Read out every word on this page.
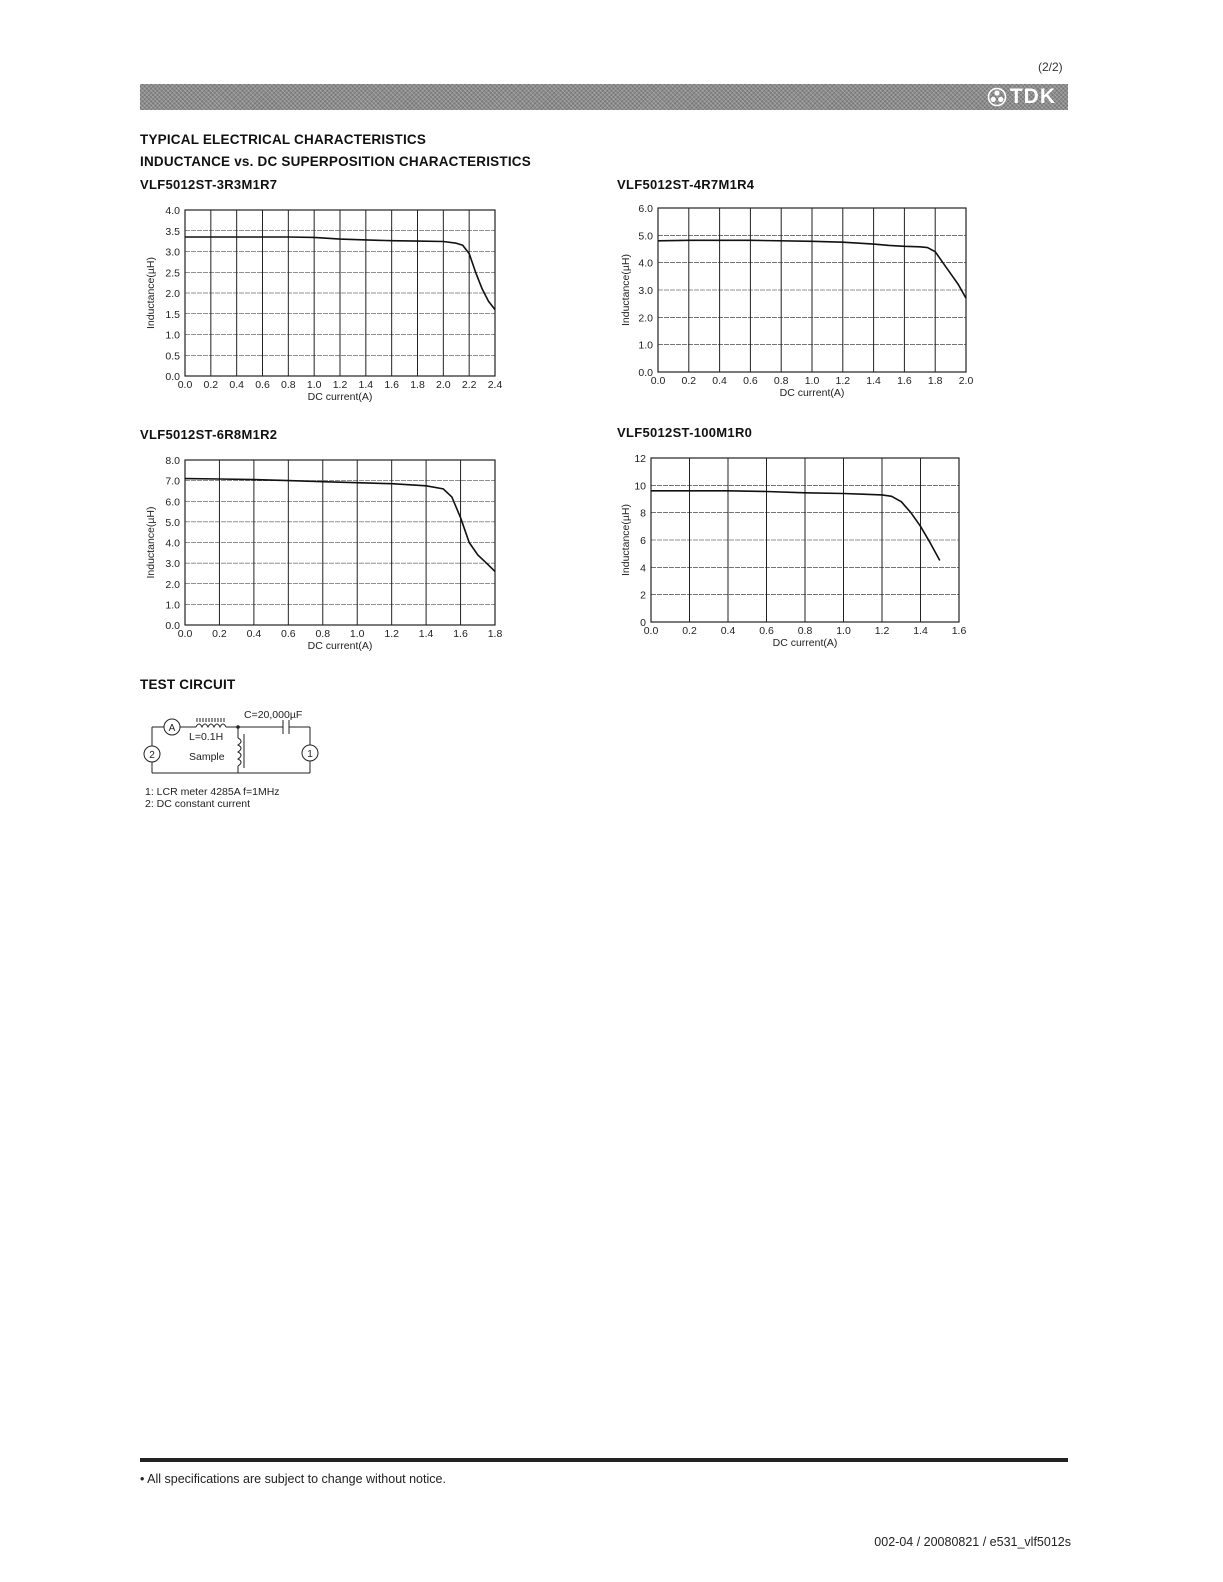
(2/2)
TDK
TYPICAL ELECTRICAL CHARACTERISTICS
INDUCTANCE vs. DC SUPERPOSITION CHARACTERISTICS
VLF5012ST-3R3M1R7
0.0 0.2 0.4 0.6 0.8 1.0 1.2 1.4 1.6 1.8 2.0 2.2 2.4
0.0
0.5
1.0
1.5
2.0
2.5
3.0
3.5
4.0
DC current(A)
Inductance(µH)
VLF5012ST-4R7M1R4
0.0 0.2 0.4 0.6 0.8 1.0 1.2 1.4 1.6 1.8 2.0
0.0
1.0
2.0
3.0
4.0
5.0
6.0
DC current(A)
Inductance(µH)
VLF5012ST-6R8M1R2
0.0 0.2 0.4 0.6 0.8 1.0 1.2 1.4 1.6 1.8
0.0
1.0
2.0
3.0
4.0
5.0
6.0
7.0
8.0
DC current(A)
Inductance(µH)
VLF5012ST-100M1R0
0.0 0.2 0.4 0.6 0.8 1.0 1.2 1.4 1.6
0
2
4
6
8
10
12
DC current(A)
Inductance(µH)
TEST CIRCUIT
A
2	1
C=20,000µF
L=0.1H
Sample
1: LCR meter 4285A f=1MHz
2: DC constant current
• All specifications are subject to change without notice.
002-04 / 20080821 / e531_vlf5012s
